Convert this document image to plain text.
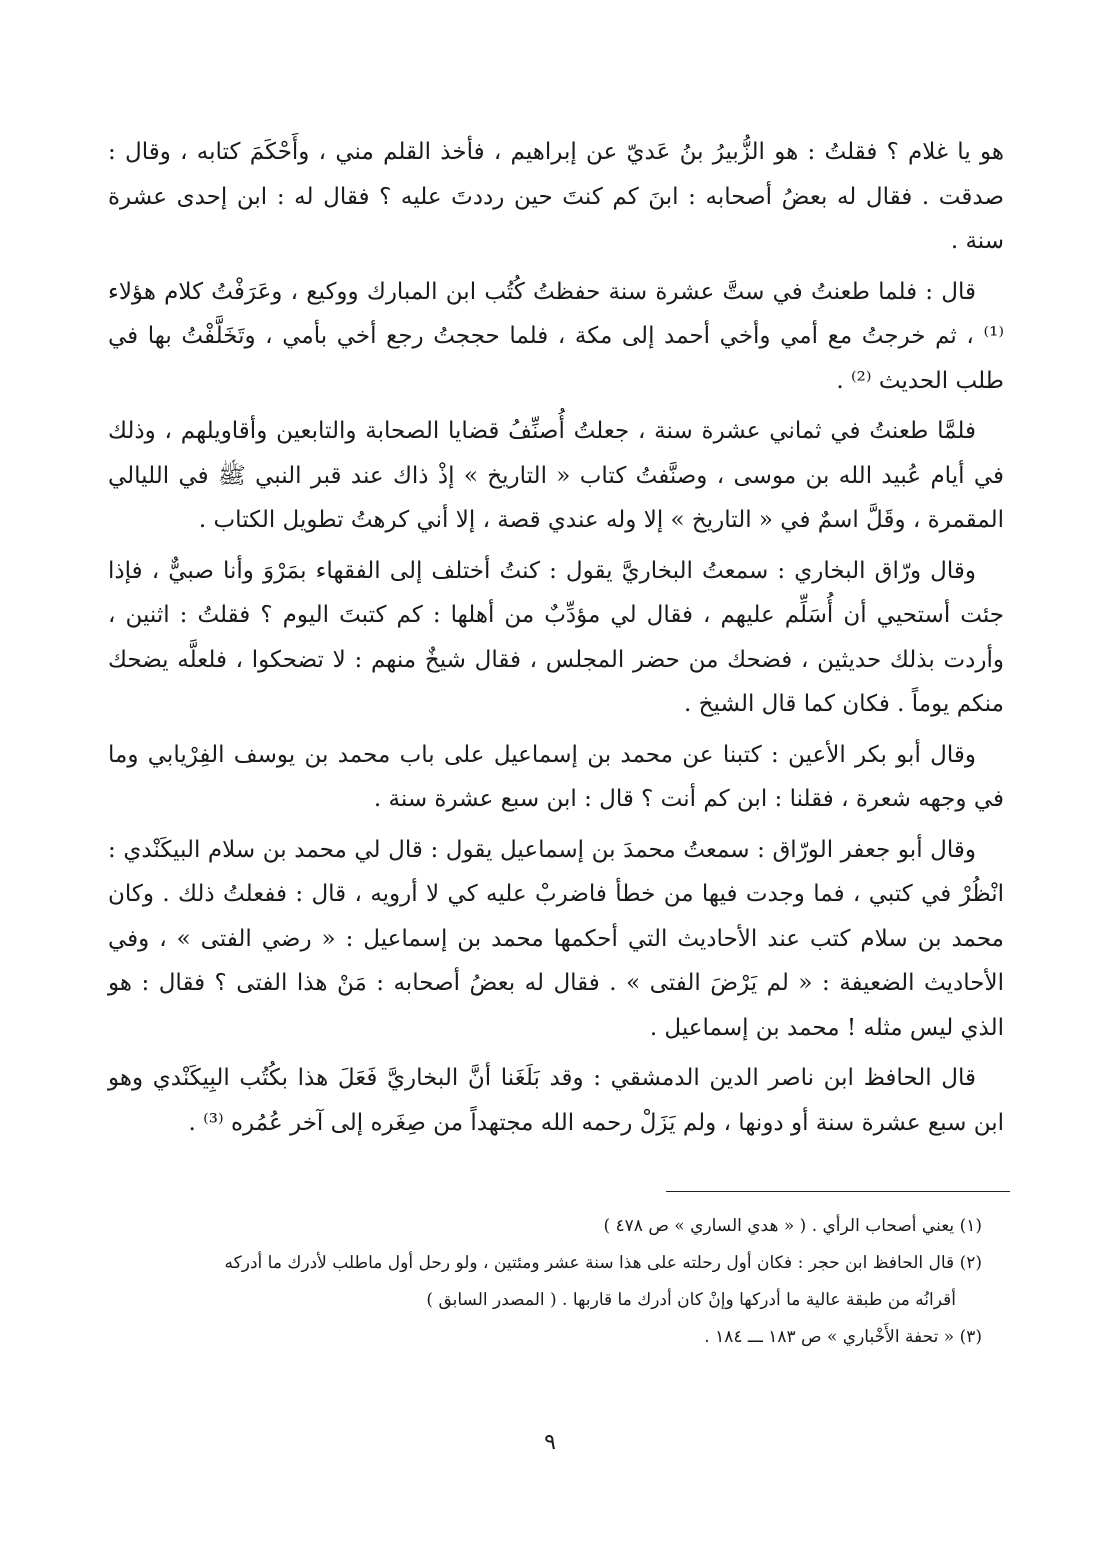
هو يا غلام ؟ فقلتُ : هو الزُّبيرُ بنُ عَديّ عن إبراهيم ، فأخذ القلم مني ، وأَحْكَمَ كتابه ، وقال : صدقت . فقال له بعضُ أصحابه : ابنَ كم كنتَ حين رددتَ عليه ؟ فقال له : ابن إحدى عشرة سنة .

قال : فلما طعنتُ في ستَّ عشرة سنة حفظتُ كُتُب ابن المبارك ووكيع ، وعَرَفْتُ كلام هؤلاء ⁽¹⁾ ، ثم خرجتُ مع أمي وأخي أحمد إلى مكة ، فلما حججتُ رجع أخي بأمي ، وتَخَلَّفْتُ بها في طلب الحديث ⁽²⁾ .

فلمَّا طعنتُ في ثماني عشرة سنة ، جعلتُ أُصنِّفُ قضايا الصحابة والتابعين وأقاويلهم ، وذلك في أيام عُبيد الله بن موسى ، وصنَّفتُ كتاب « التاريخ » إذْ ذاك عند قبر النبي ﷺ في الليالي المقمرة ، وقَلَّ اسمٌ في « التاريخ » إلا وله عندي قصة ، إلا أني كرهتُ تطويل الكتاب .

وقال ورّاق البخاري : سمعتُ البخاريَّ يقول : كنتُ أختلف إلى الفقهاء بمَرْوَ وأنا صبيٌّ ، فإذا جئت أستحيي أن أُسَلِّم عليهم ، فقال لي مؤدِّبٌ من أهلها : كم كتبتَ اليوم ؟ فقلتُ : اثنين ، وأردت بذلك حديثين ، فضحك من حضر المجلس ، فقال شيخٌ منهم : لا تضحكوا ، فلعلَّه يضحك منكم يوماً . فكان كما قال الشيخ .

وقال أبو بكر الأعين : كتبنا عن محمد بن إسماعيل على باب محمد بن يوسف الفِرْيابي وما في وجهه شعرة ، فقلنا : ابن كم أنت ؟ قال : ابن سبع عشرة سنة .

وقال أبو جعفر الورّاق : سمعتُ محمدَ بن إسماعيل يقول : قال لي محمد بن سلام البيكَنْدي : انْظُرْ في كتبي ، فما وجدت فيها من خطأ فاضربْ عليه كي لا أرويه ، قال : ففعلتُ ذلك . وكان محمد بن سلام كتب عند الأحاديث التي أحكمها محمد بن إسماعيل : « رضي الفتى » ، وفي الأحاديث الضعيفة : « لم يَرْضَ الفتى » . فقال له بعضُ أصحابه : مَنْ هذا الفتى ؟ فقال : هو الذي ليس مثله ! محمد بن إسماعيل .

قال الحافظ ابن ناصر الدين الدمشقي : وقد بَلَغَنا أنَّ البخاريَّ فَعَلَ هذا بكُتُب البِيكَنْدي وهو ابن سبع عشرة سنة أو دونها ، ولم يَزَلْ رحمه الله مجتهداً من صِغَره إلى آخر عُمُره ⁽³⁾ .

(١) يعني أصحاب الرأي . ( « هدي الساري » ص ٤٧٨ )

(٢) قال الحافظ ابن حجر : فكان أول رحلته على هذا سنة عشر ومئتين ، ولو رحل أول ماطلب لأدرك ما أدركه

أقرانُه من طبقة عالية ما أدركها وإنْ كان أدرك ما قاربها . ( المصدر السابق )

(٣) « تحفة الأَخْباري » ص ١٨٣ ـــ ١٨٤ .

٩
